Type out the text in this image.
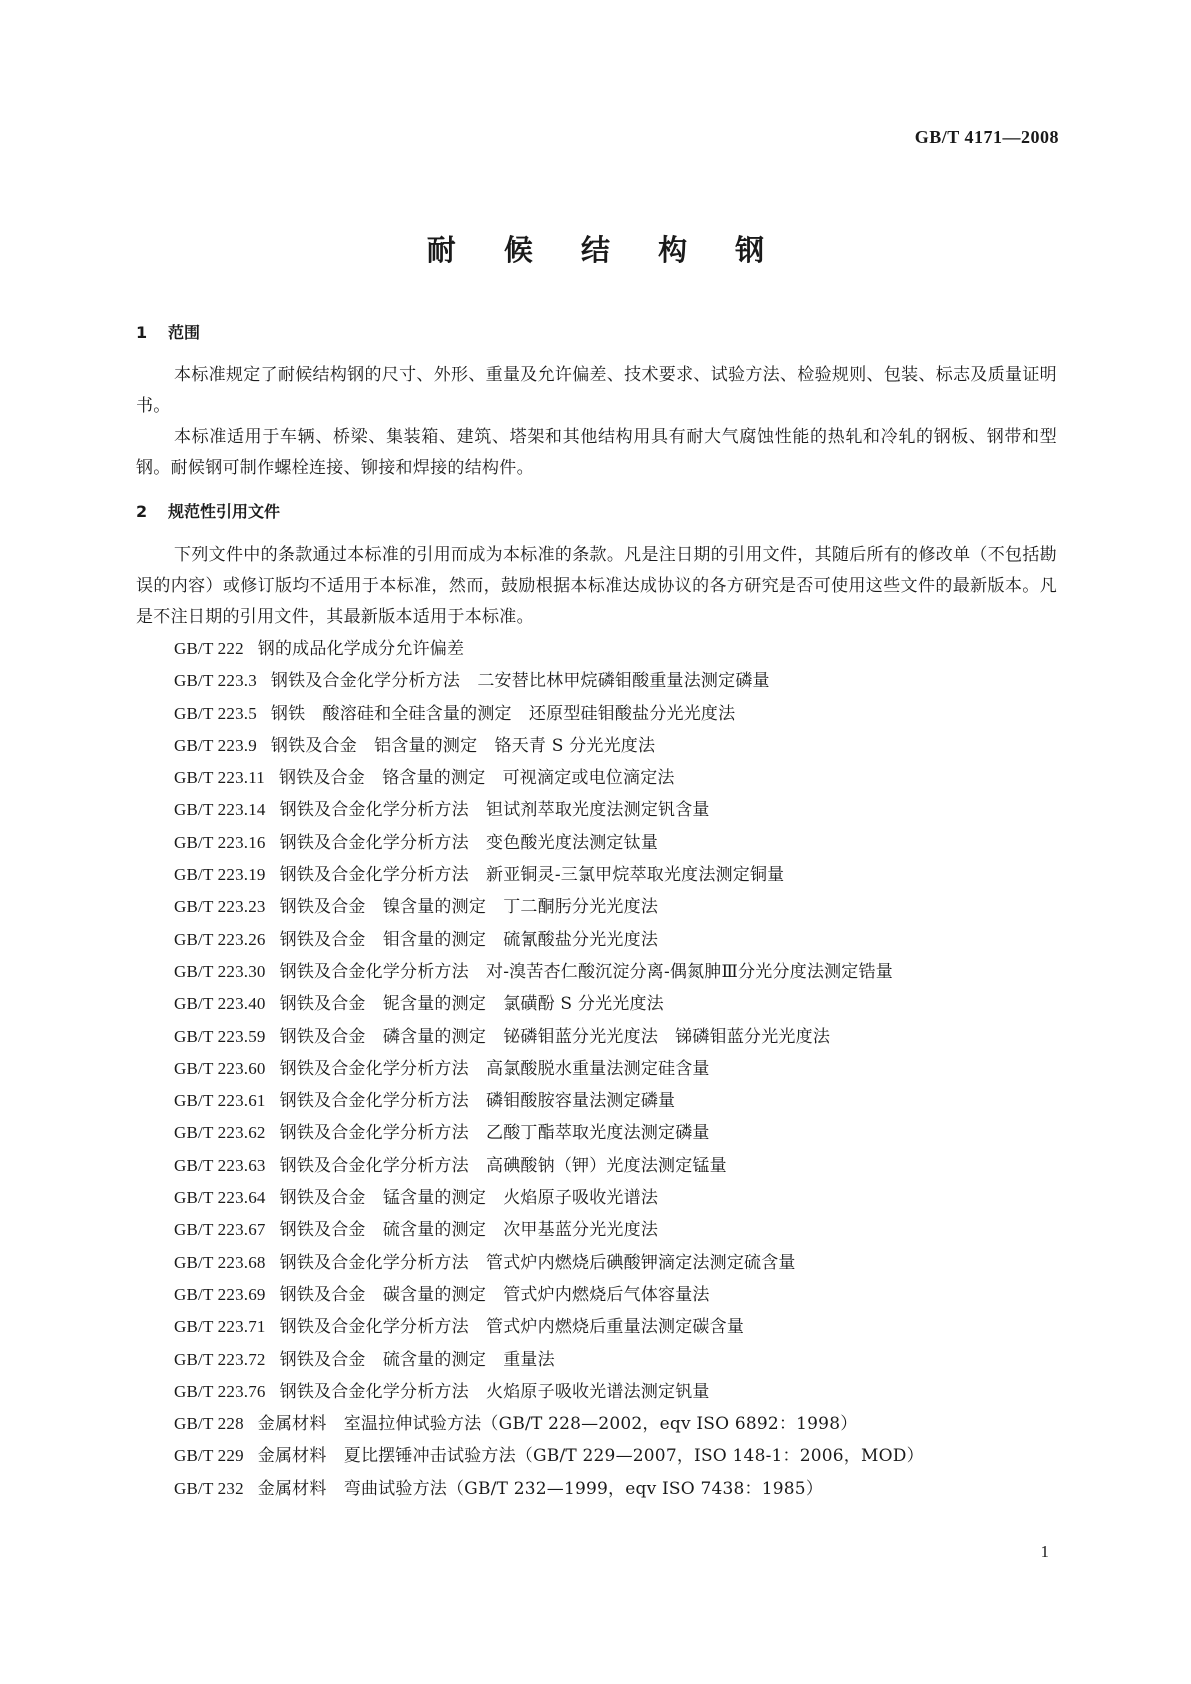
GB/T 4171—2008
耐 候 结 构 钢
1 范围
本标准规定了耐候结构钢的尺寸、外形、重量及允许偏差、技术要求、试验方法、检验规则、包装、标志及质量证明书。
本标准适用于车辆、桥梁、集装箱、建筑、塔架和其他结构用具有耐大气腐蚀性能的热轧和冷轧的钢板、钢带和型钢。耐候钢可制作螺栓连接、铆接和焊接的结构件。
2 规范性引用文件
下列文件中的条款通过本标准的引用而成为本标准的条款。凡是注日期的引用文件，其随后所有的修改单（不包括勘误的内容）或修订版均不适用于本标准，然而，鼓励根据本标准达成协议的各方研究是否可使用这些文件的最新版本。凡是不注日期的引用文件，其最新版本适用于本标准。
GB/T 222 钢的成品化学成分允许偏差
GB/T 223.3 钢铁及合金化学分析方法　二安替比林甲烷磷钼酸重量法测定磷量
GB/T 223.5 钢铁　酸溶硅和全硅含量的测定　还原型硅钼酸盐分光光度法
GB/T 223.9 钢铁及合金　铝含量的测定　铬天青 S 分光光度法
GB/T 223.11 钢铁及合金　铬含量的测定　可视滴定或电位滴定法
GB/T 223.14 钢铁及合金化学分析方法　钽试剂萃取光度法测定钒含量
GB/T 223.16 钢铁及合金化学分析方法　变色酸光度法测定钛量
GB/T 223.19 钢铁及合金化学分析方法　新亚铜灵-三氯甲烷萃取光度法测定铜量
GB/T 223.23 钢铁及合金　镍含量的测定　丁二酮肟分光光度法
GB/T 223.26 钢铁及合金　钼含量的测定　硫氰酸盐分光光度法
GB/T 223.30 钢铁及合金化学分析方法　对-溴苦杏仁酸沉淀分离-偶氮胂Ⅲ分光分度法测定锆量
GB/T 223.40 钢铁及合金　铌含量的测定　氯磺酚 S 分光光度法
GB/T 223.59 钢铁及合金　磷含量的测定　铋磷钼蓝分光光度法　锑磷钼蓝分光光度法
GB/T 223.60 钢铁及合金化学分析方法　高氯酸脱水重量法测定硅含量
GB/T 223.61 钢铁及合金化学分析方法　磷钼酸胺容量法测定磷量
GB/T 223.62 钢铁及合金化学分析方法　乙酸丁酯萃取光度法测定磷量
GB/T 223.63 钢铁及合金化学分析方法　高碘酸钠（钾）光度法测定锰量
GB/T 223.64 钢铁及合金　锰含量的测定　火焰原子吸收光谱法
GB/T 223.67 钢铁及合金　硫含量的测定　次甲基蓝分光光度法
GB/T 223.68 钢铁及合金化学分析方法　管式炉内燃烧后碘酸钾滴定法测定硫含量
GB/T 223.69 钢铁及合金　碳含量的测定　管式炉内燃烧后气体容量法
GB/T 223.71 钢铁及合金化学分析方法　管式炉内燃烧后重量法测定碳含量
GB/T 223.72 钢铁及合金　硫含量的测定　重量法
GB/T 223.76 钢铁及合金化学分析方法　火焰原子吸收光谱法测定钒量
GB/T 228 金属材料　室温拉伸试验方法（GB/T 228—2002，eqv ISO 6892：1998）
GB/T 229 金属材料　夏比摆锤冲击试验方法（GB/T 229—2007，ISO 148-1：2006，MOD）
GB/T 232 金属材料　弯曲试验方法（GB/T 232—1999，eqv ISO 7438：1985）
1
